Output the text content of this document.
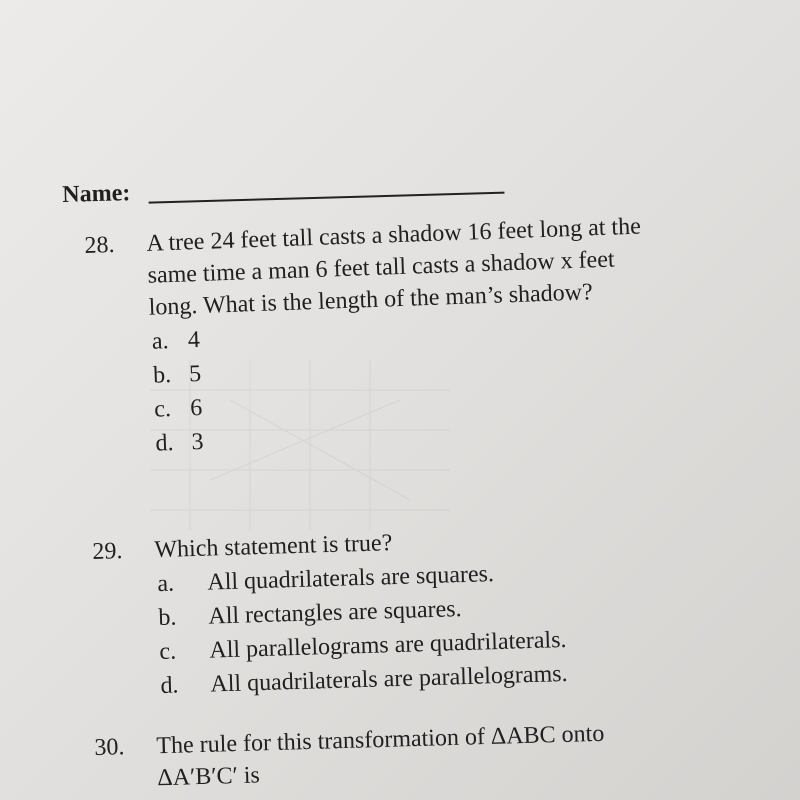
Name:
28. A tree 24 feet tall casts a shadow 16 feet long at the
same time a man 6 feet tall casts a shadow x feet
long. What is the length of the man’s shadow?
a. 4
b. 5
c. 6
d. 3
29. Which statement is true?
a. All quadrilaterals are squares.
b. All rectangles are squares.
c. All parallelograms are quadrilaterals.
d. All quadrilaterals are parallelograms.
30. The rule for this transformation of ΔABC onto
ΔA′B′C′ is
